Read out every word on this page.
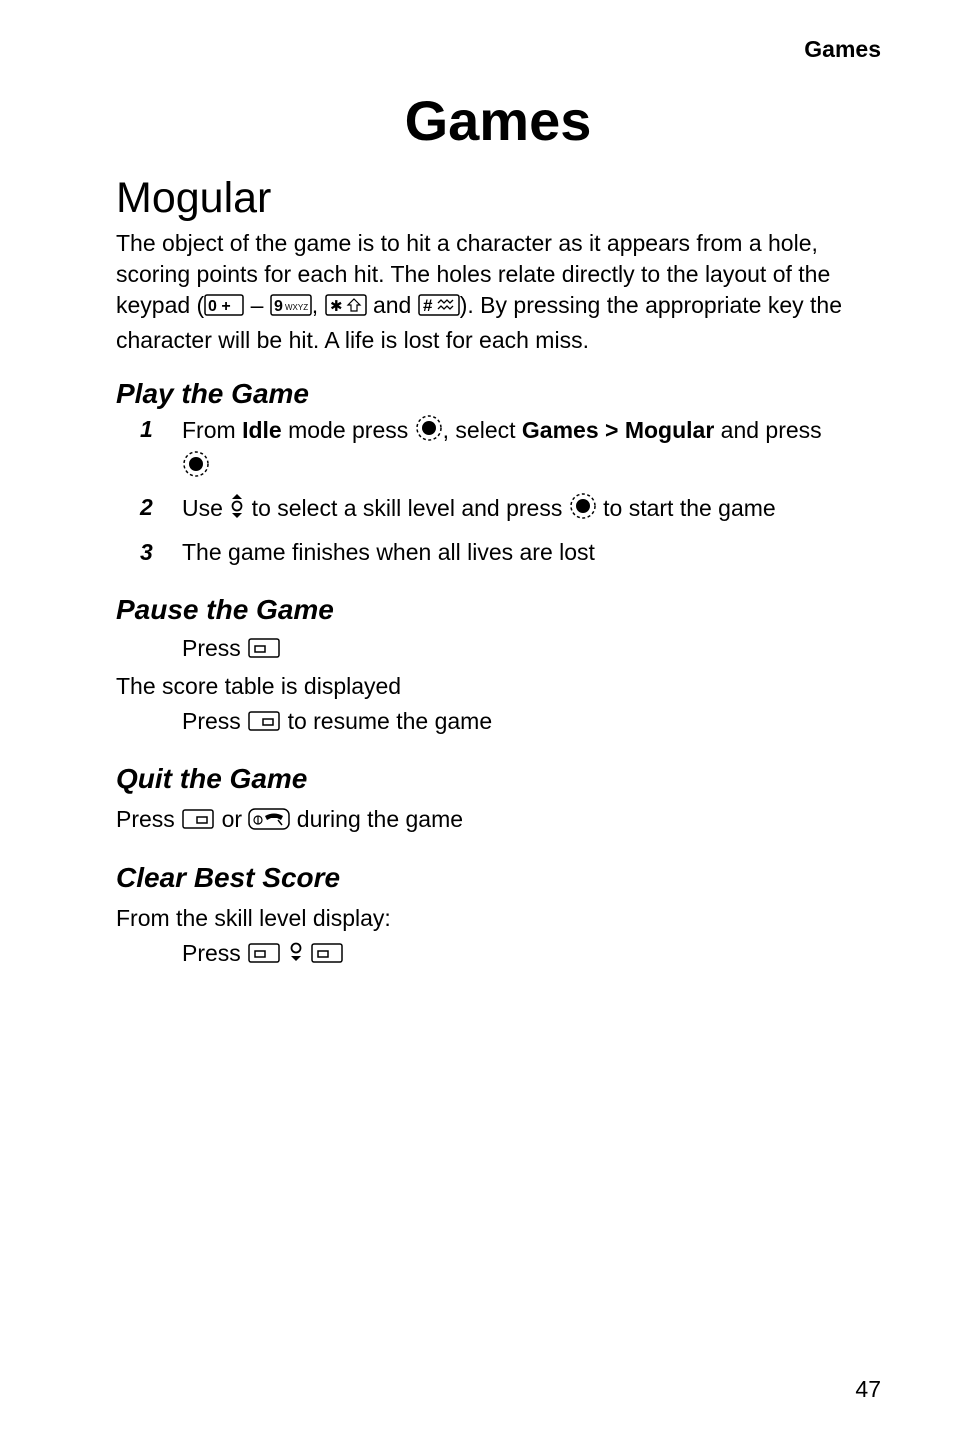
Games
Games
Mogular

The object of the game is to hit a character as it appears from a hole, scoring points for each hit. The holes relate directly to the layout of the keypad ( 0 + – 9 WXYZ , ✱ and # ). By pressing the appropriate key the character will be hit. A life is lost for each miss.

Play the Game
1	From Idle mode press , select Games > Mogular and press

2	Use  to select a skill level and press  to start the game
3	The game finishes when all lives are lost
Pause the Game
Press

The score table is displayed

Press  to resume the game
Quit the Game

Press  or  during the game

Clear Best Score

From the skill level display:

Press
47
